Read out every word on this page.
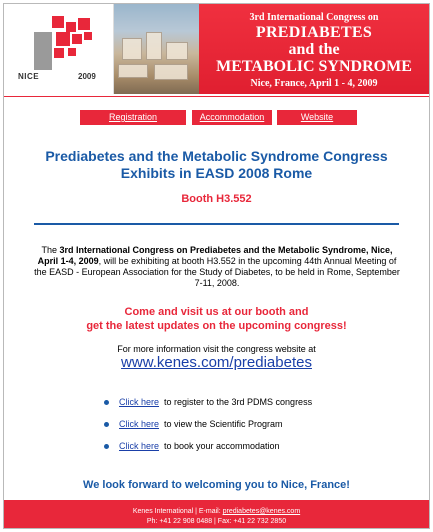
NICE	2009
3rd International Congress on
PREDIABETES
and the
METABOLIC SYNDROME
Nice, France, April 1 - 4, 2009
Registration	Accommodation	Website
Prediabetes and the Metabolic Syndrome Congress Exhibits in EASD 2008 Rome
Booth H3.552
The 3rd International Congress on Prediabetes and the Metabolic Syndrome, Nice, April 1-4, 2009, will be exhibiting at booth H3.552 in the upcoming 44th Annual Meeting of the EASD - European Association for the Study of Diabetes, to be held in Rome, September 7-11, 2008.
Come and visit us at our booth and
get the latest updates on the upcoming congress!
For more information visit the congress website at
www.kenes.com/prediabetes
Click here to register to the 3rd PDMS congress
Click here to view the Scientific Program
Click here to book your accommodation
We look forward to welcoming you to Nice, France!
Kenes International | E-mail: prediabetes@kenes.com
Ph: +41 22 908 0488 | Fax: +41 22 732 2850
